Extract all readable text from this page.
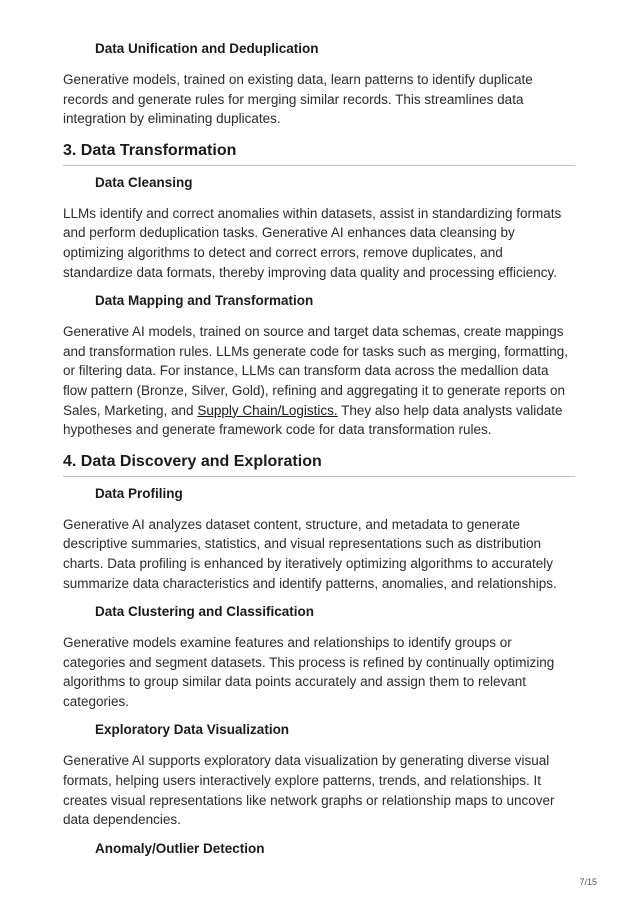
Data Unification and Deduplication

Generative models, trained on existing data, learn patterns to identify duplicate records and generate rules for merging similar records. This streamlines data integration by eliminating duplicates.

3. Data Transformation
Data Cleansing

LLMs identify and correct anomalies within datasets, assist in standardizing formats and perform deduplication tasks. Generative AI enhances data cleansing by optimizing algorithms to detect and correct errors, remove duplicates, and standardize data formats, thereby improving data quality and processing efficiency.

Data Mapping and Transformation

Generative AI models, trained on source and target data schemas, create mappings and transformation rules. LLMs generate code for tasks such as merging, formatting, or filtering data. For instance, LLMs can transform data across the medallion data flow pattern (Bronze, Silver, Gold), refining and aggregating it to generate reports on Sales, Marketing, and Supply Chain/Logistics. They also help data analysts validate hypotheses and generate framework code for data transformation rules.

4. Data Discovery and Exploration
Data Profiling

Generative AI analyzes dataset content, structure, and metadata to generate descriptive summaries, statistics, and visual representations such as distribution charts. Data profiling is enhanced by iteratively optimizing algorithms to accurately summarize data characteristics and identify patterns, anomalies, and relationships.

Data Clustering and Classification

Generative models examine features and relationships to identify groups or categories and segment datasets. This process is refined by continually optimizing algorithms to group similar data points accurately and assign them to relevant categories.

Exploratory Data Visualization

Generative AI supports exploratory data visualization by generating diverse visual formats, helping users interactively explore patterns, trends, and relationships. It creates visual representations like network graphs or relationship maps to uncover data dependencies.

Anomaly/Outlier Detection
7/15
